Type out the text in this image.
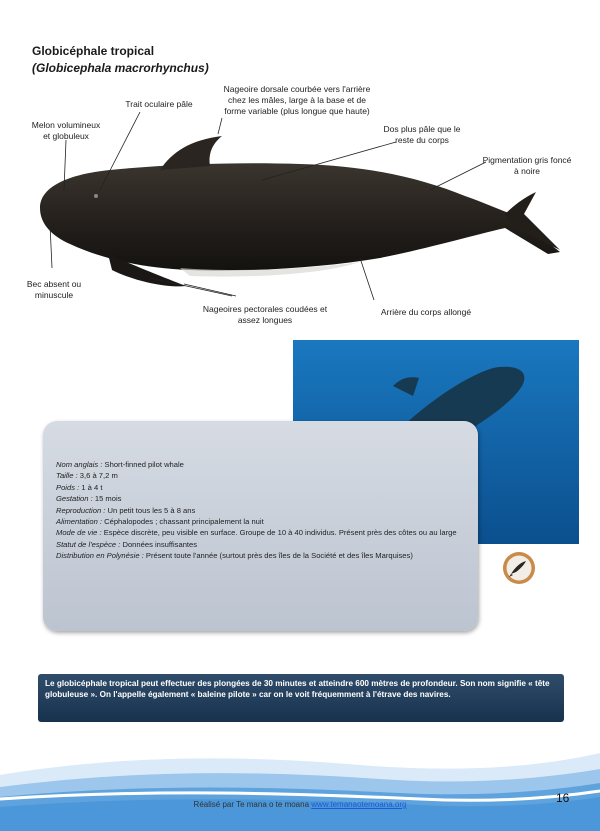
Globicéphale tropical
(Globicephala macrorhynchus)
Nageoire dorsale courbée vers l'arrière chez les mâles, large à la base et de forme variable (plus longue que haute)
Trait oculaire pâle
Melon volumineux et globuleux
Dos plus pâle que le reste du corps
Pigmentation gris foncé à noire
Bec absent ou minuscule
Nageoires pectorales coudées et assez longues
Arrière du corps allongé
Nom anglais : Short-finned pilot whale
Taille : 3,6 à 7,2 m
Poids : 1 à 4 t
Gestation : 15 mois
Reproduction : Un petit tous les 5 à 8 ans
Alimentation : Céphalopodes ; chassant principalement la nuit
Mode de vie : Espèce discrète, peu visible en surface. Groupe de 10 à 40 individus. Présent près des côtes ou au large
Statut de l'espèce : Données insuffisantes
Distribution en Polynésie : Présent toute l'année (surtout près des îles de la Société et des îles Marquises)
Le globicéphale tropical peut effectuer des plongées de 30 minutes et atteindre 600 mètres de profondeur. Son nom signifie « tête globuleuse ». On l'appelle également « baleine pilote » car on le voit fréquemment à l'étrave des navires.
Réalisé par Te mana o te moana www.temanaotemoana.org	16
